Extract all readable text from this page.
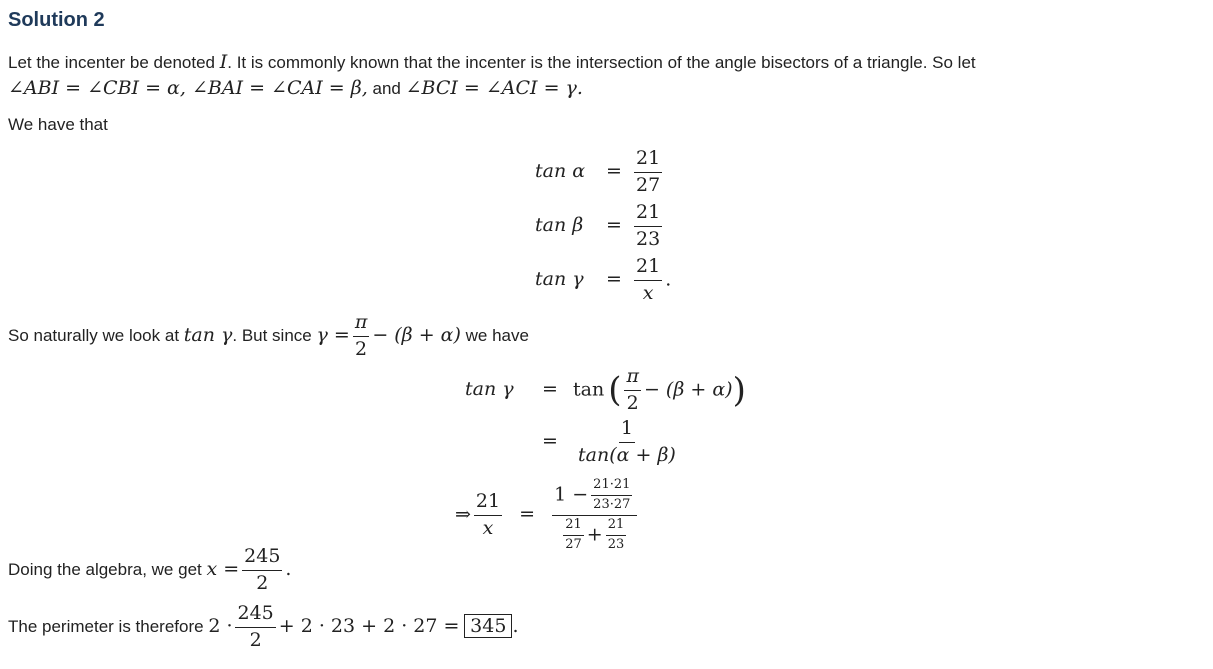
Solution 2
Let the incenter be denoted I. It is commonly known that the incenter is the intersection of the angle bisectors of a triangle. So let
∠ABI = ∠CBI = α, ∠BAI = ∠CAI = β, and ∠BCI = ∠ACI = γ.
We have that
$\tan \alpha = \frac{21}{27}$
$\tan \beta = \frac{21}{23}$
$\tan \gamma = \frac{21}{x}$ .
So naturally we look at tan γ. But since $\gamma = \frac{\pi}{2} - (\beta + \alpha)$ we have
tan γ = tan ( $\frac{\pi}{2} - (\beta + \alpha)$)
= $\frac{1}{\tan(\alpha + \beta)}$
⇒ $\frac{21}{x} = \frac{1 - \frac{21\cdot 21}{23\cdot 27}}{\frac{21}{27} + \frac{21}{23}}$
Doing the algebra, we get $x = \frac{245}{2}$ .
The perimeter is therefore $2 \cdot \frac{245}{2} + 2 \cdot 23 + 2 \cdot 27 = 345$ .
